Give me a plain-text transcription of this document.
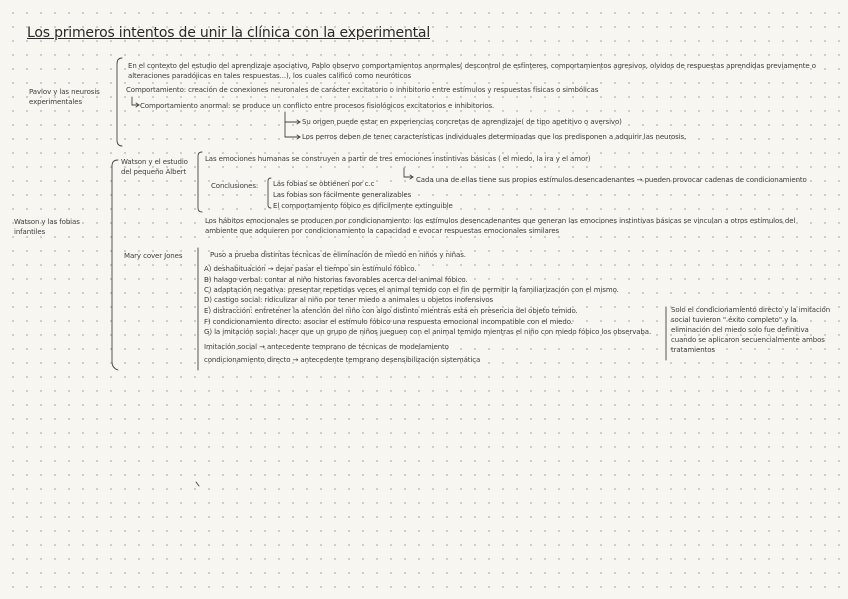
Los primeros intentos de unir la clínica con la experimental
Pavlov y las neurosis experimentales
En el contexto del estudio del aprendizaje asociativo, Pablo observo comportamientos anormales( descontrol de esfínteres, comportamientos agresivos, olvidos de respuestas aprendidas previamente o
alteraciones paradójicas en tales respuestas...), los cuales calificó como neuróticos
Comportamiento: creación de conexiones neuronales de carácter excitatorio o inhibitorio entre estímulos y respuestas físicas o simbólicas
Comportamiento anormal: se produce un conflicto entre procesos fisiológicos excitatorios e inhibitorios.
Su origen puede estar en experiencias concretas de aprendizaje( de tipo apetitivo o aversivo)
Los perros deben de tener características individuales determinadas que los predisponen a adquirir las neurosis.
Watson y las fobias
infantiles
Watson y el estudio
del pequeño Albert
Las emociones humanas se construyen a partir de tres emociones instintivas básicas ( el miedo, la ira y el amor)
Cada una de ellas tiene sus propios estímulos desencadenantes → pueden provocar cadenas de condicionamiento
Conclusiones: Las fobias se obtienen por c.c
Las fobias son fácilmente generalizables
El comportamiento fóbico es difícilmente extinguible
Los hábitos emocionales se producen por condicionamiento: los estímulos desencadenantes que generan las emociones instintivas básicas se vinculan a otros estímulos del
ambiente que adquieren por condicionamiento la capacidad e evocar respuestas emocionales similares
Mary cover Jones	Puso a prueba distintas técnicas de eliminación de miedo en niños y niñas.
A) deshabituación → dejar pasar el tiempo sin estímulo fóbico.
B) halago verbal: contar al niño historias favorables acerca del animal fóbico.
C) adaptación negativa: presentar repetidas veces el animal temido con el fin de permitir la familiarización con el mismo.
D) castigo social: ridiculizar al niño por tener miedo a animales u objetos inofensivos
E) distracción: entretener la atención del niño con algo distinto mientras está en presencia del objeto temido.
F) condicionamiento directo: asociar el estímulo fóbico una respuesta emocional incompatible con el miedo.
G) la imitación social: hacer que un grupo de niños jueguen con el animal temido mientras el niño con miedo fóbico los observaba.
Imitación social → antecedente temprano de técnicas de modelamiento
condicionamiento directo → antecedente temprano desensibilización sistemática
Solo el condicionamiento directo y la imitación
social tuvieron " éxito completo" y la
eliminación del miedo solo fue definitiva
cuando se aplicaron secuencialmente ambos
tratamientos
